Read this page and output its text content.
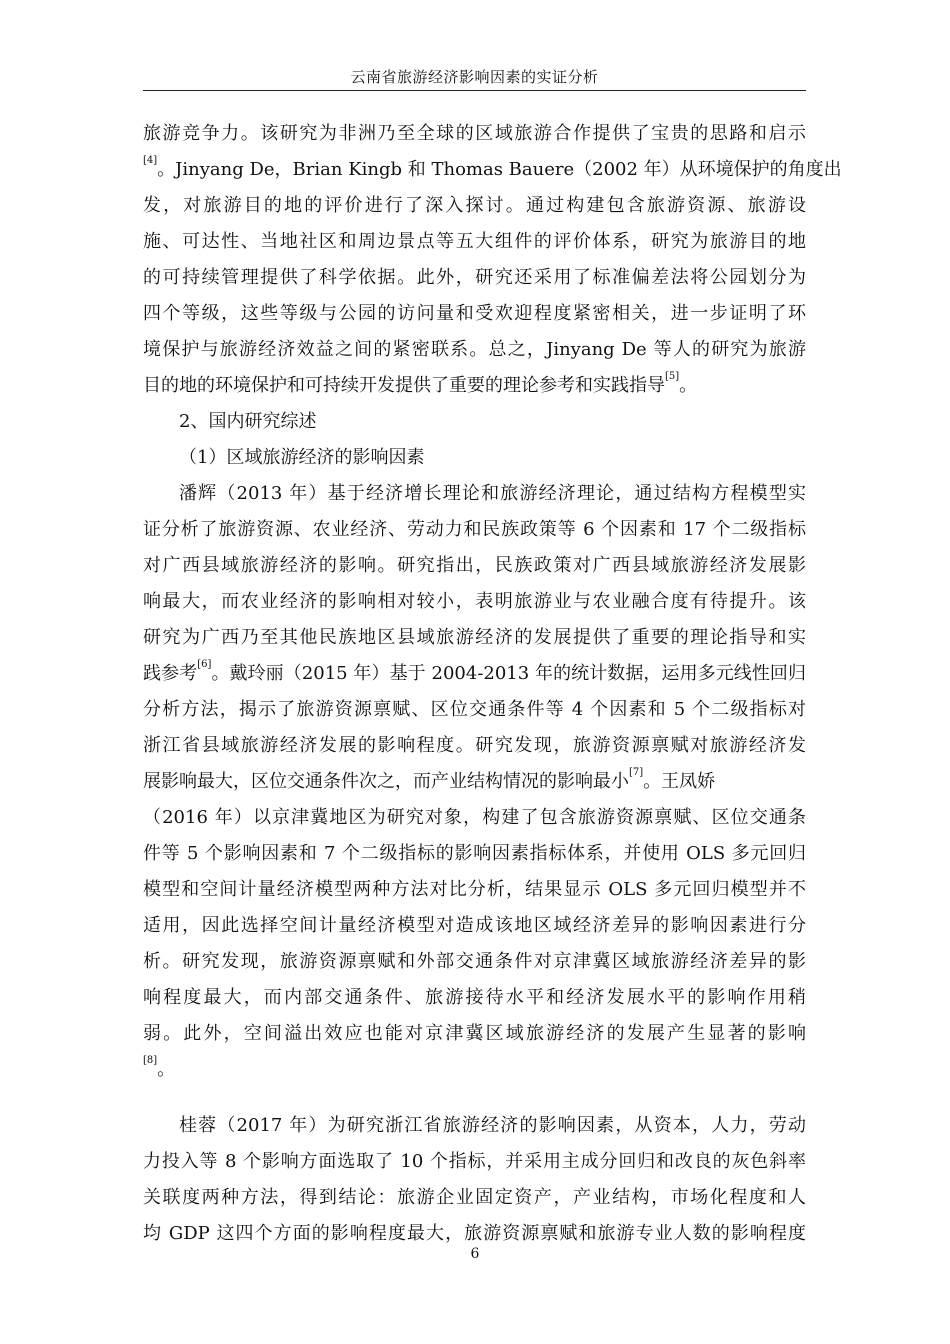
云南省旅游经济影响因素的实证分析
旅游竞争力。该研究为非洲乃至全球的区域旅游合作提供了宝贵的思路和启示
[4]。Jinyang De，Brian Kingb 和 Thomas Bauere（2002 年）从环境保护的角度出
发，对旅游目的地的评价进行了深入探讨。通过构建包含旅游资源、旅游设
施、可达性、当地社区和周边景点等五大组件的评价体系，研究为旅游目的地
的可持续管理提供了科学依据。此外，研究还采用了标准偏差法将公园划分为
四个等级，这些等级与公园的访问量和受欢迎程度紧密相关，进一步证明了环
境保护与旅游经济效益之间的紧密联系。总之，Jinyang De 等人的研究为旅游
目的地的环境保护和可持续开发提供了重要的理论参考和实践指导[5]。
2、国内研究综述
（1）区域旅游经济的影响因素
潘辉（2013 年）基于经济增长理论和旅游经济理论，通过结构方程模型实
证分析了旅游资源、农业经济、劳动力和民族政策等 6 个因素和 17 个二级指标
对广西县域旅游经济的影响。研究指出，民族政策对广西县域旅游经济发展影
响最大，而农业经济的影响相对较小，表明旅游业与农业融合度有待提升。该
研究为广西乃至其他民族地区县域旅游经济的发展提供了重要的理论指导和实
践参考[6]。戴玲丽（2015 年）基于 2004-2013 年的统计数据，运用多元线性回归
分析方法，揭示了旅游资源禀赋、区位交通条件等 4 个因素和 5 个二级指标对
浙江省县域旅游经济发展的影响程度。研究发现，旅游资源禀赋对旅游经济发
展影响最大，区位交通条件次之，而产业结构情况的影响最小[7]。王凤娇
（2016 年）以京津冀地区为研究对象，构建了包含旅游资源禀赋、区位交通条
件等 5 个影响因素和 7 个二级指标的影响因素指标体系，并使用 OLS 多元回归
模型和空间计量经济模型两种方法对比分析，结果显示 OLS 多元回归模型并不
适用，因此选择空间计量经济模型对造成该地区域经济差异的影响因素进行分
析。研究发现，旅游资源禀赋和外部交通条件对京津冀区域旅游经济差异的影
响程度最大，而内部交通条件、旅游接待水平和经济发展水平的影响作用稍
弱。此外，空间溢出效应也能对京津冀区域旅游经济的发展产生显著的影响
[8]。
桂蓉（2017 年）为研究浙江省旅游经济的影响因素，从资本，人力，劳动
力投入等 8 个影响方面选取了 10 个指标，并采用主成分回归和改良的灰色斜率
关联度两种方法，得到结论：旅游企业固定资产，产业结构，市场化程度和人
均 GDP 这四个方面的影响程度最大，旅游资源禀赋和旅游专业人数的影响程度
6
